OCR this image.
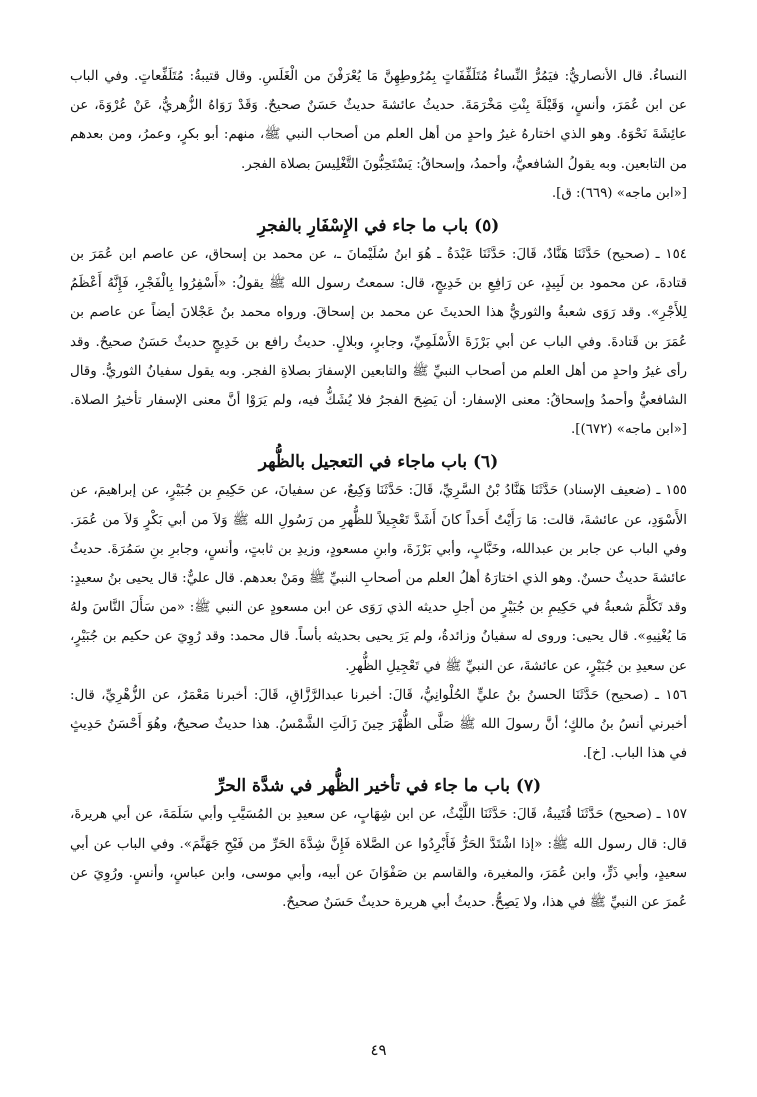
النساءُ. قال الأنصاريُّ: فيَمُرُّ النِّساءُ مُتَلَفِّفَاتٍ بِمُرُوطِهِنَّ مَا يُعْرَفْنَ من الْغَلَسِ. وقال قتيبةُ: مُتَلَفِّعاتٍ. وفي الباب عن ابن عُمَرَ، وأنسٍ، وَقَيْلَةَ بِنْتِ مَخْرَمَةَ. حديثُ عائشةَ حديثٌ حَسَنٌ صحيحٌ. وَقَدْ رَوَاهُ الزُّهريُّ، عَنْ عُرْوَةَ، عن عائِشَةَ نَحْوَهُ. وهو الذي اختارهُ غيرُ واحدٍ من أهل العلم من أصحاب النبي ﷺ، منهم: أبو بكرٍ، وعمرُ، ومن بعدهم من التابعين. وبه يقولُ الشافعيُّ، وأحمدُ، وإسحاقُ: يَسْتَحِبُّونَ التَّغْلِيسَ بصلاة الفجر.

[«ابن ماجه» (٦٦٩): ق].

(٥) باب ما جاء في الإِسْفَارِ بالفجرِ

١٥٤ ـ (صحيح) حَدَّثَنَا هَنَّادٌ، قَالَ: حَدَّثَنَا عَبْدَةُ ـ هُوَ ابنُ سُلَيْمانَ ـ، عن محمد بن إسحاق، عن عاصم ابن عُمَرَ بن قتادةَ، عن محمود بن لَبِيدٍ، عن رَافِعِ بن خَدِيجٍ، قال: سمعتُ رسول الله ﷺ يقولُ: «أَسْفِرُوا بِالْفَجْرِ، فَإِنَّهُ أَعْظَمُ لِلأَجْرِ». وقد رَوَى شعبةُ والثوريُّ هذا الحديثَ عن محمد بن إسحاقَ. ورواه محمد بنُ عَجْلانَ أيضاً عن عاصم بن عُمَرَ بن قَتادةَ. وفي الباب عن أبي بَرْزَةَ الأَسْلَمِيِّ، وجابرٍ، وبلالٍ. حديثُ رافع بن خَدِيجٍ حديثٌ حَسَنٌ صحيحٌ. وقد رأى غيرُ واحدٍ من أهل العلم من أصحاب النبيِّ ﷺ والتابعين الإسفارَ بصلاةِ الفجر. وبه يقول سفيانُ الثوريُّ. وقال الشافعيُّ وأحمدُ وإسحاقُ: معنى الإسفار: أن يَضِحَ الفجرُ فلا يُشَكُّ فيه، ولم يَرَوْا أنَّ معنى الإسفار تأخيرُ الصلاة. [«ابن ماجه» (٦٧٢)].

(٦) باب ماجاء في التعجيل بالظُّهر

١٥٥ ـ (ضعيف الإسناد) حَدَّثَنَا هَنَّادُ بْنُ السَّرِيِّ، قَالَ: حَدَّثَنَا وَكِيعٌ، عن سفيانَ، عن حَكِيمِ بن جُبَيْرٍ، عن إبراهيمَ، عن الأَسْوَدِ، عن عائشةَ، قالت: مَا رَأَيْتُ أَحَداً كانَ أَشَدَّ تَعْجِيلاً للظُّهرِ من رَسُولِ الله ﷺ وَلاَ من أبي بَكْرٍ وَلاَ من عُمَرَ. وفي الباب عن جابر بن عبدالله، وخَبَّابٍ، وأبي بَرْزَةَ، وابنِ مسعودٍ، وزيدِ بن ثابتٍ، وأنسٍ، وجابرِ بنِ سَمُرَةَ. حديثُ عائشةَ حديثٌ حسنٌ. وهو الذي اختارَهُ أهلُ العلم من أصحابِ النبيِّ ﷺ ومَنْ بعدهم. قال عليٌّ: قال يحيى بنُ سعيدٍ: وقد تَكَلَّمَ شعبةُ في حَكِيمِ بن جُبَيْرٍ من أجلِ حديثه الذي رَوَى عن ابن مسعودٍ عن النبي ﷺ: «من سَأَلَ النَّاسَ ولهُ مَا يُغْنِيهِ». قال يحيى: وروى له سفيانُ وزائدةُ، ولم يَرَ يحيى بحديثه بأساً. قال محمد: وقد رُوِيَ عن حكيم بن جُبَيْرٍ، عن سعيدِ بن جُبَيْرٍ، عن عائشةَ، عن النبيِّ ﷺ في تَعْجِيلِ الظُّهرِ.

١٥٦ ـ (صحيح) حَدَّثَنَا الحسنُ بنُ عليٍّ الحُلْوانِيُّ، قَالَ: أخبرنا عبدالرَّزَّاقِ، قَالَ: أخبرنا مَعْمَرٌ، عن الزُّهْرِيِّ، قال: أخبرني أنسُ بنُ مالكٍ؛ أنَّ رسولَ الله ﷺ صَلَّى الظُّهْرَ حِينَ زَالَتِ الشَّمْسُ. هذا حديثٌ صحيحٌ، وهُوَ أَحْسَنُ حَدِيثٍ في هذا الباب. [خ].

(٧) باب ما جاء في تأخير الظُّهر في شدَّة الحرِّ

١٥٧ ـ (صحيح) حَدَّثَنَا قُتَيبةُ، قَالَ: حَدَّثَنَا اللَّيْثُ، عن ابن شِهَابٍ، عن سعيدِ بن المُسَيَّبِ وأبي سَلَمَةَ، عن أبي هريرةَ، قال: قال رسول الله ﷺ: «إذا اشْتَدَّ الحَرُّ فَأَبْرِدُوا عن الصَّلاة فَإِنَّ شِدَّةَ الحَرِّ من فَيْحِ جَهَنَّمَ». وفي الباب عن أبي سعيدٍ، وأبي ذَرٍّ، وابن عُمَرَ، والمغيرة، والقاسم بن صَفْوَانَ عن أبيه، وأبي موسى، وابن عباسٍ، وأنسٍ. ورُوِيَ عن عُمرَ عن النبيِّ ﷺ في هذا، ولا يَصِحُّ. حديثُ أبي هريرة حديثٌ حَسَنٌ صحيحٌ.

٤٩
